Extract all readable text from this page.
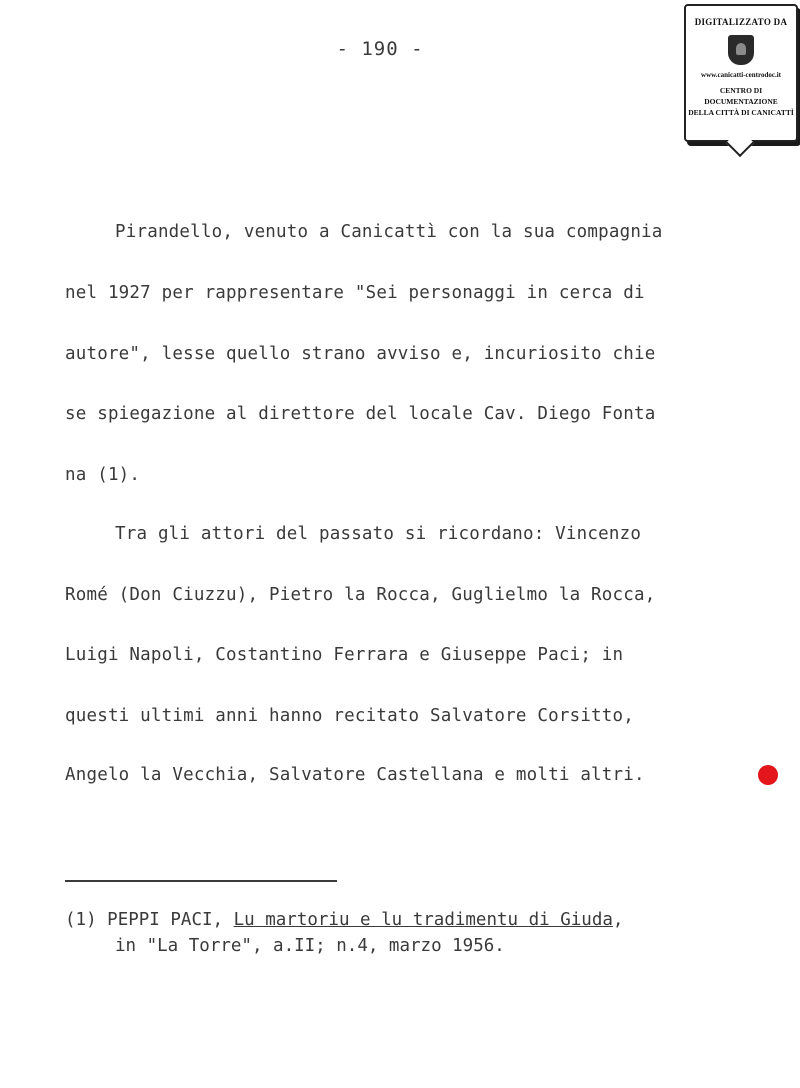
- 190 -
DIGITALIZZATO DA
www.canicatti-centrodoc.it
CENTRO DI DOCUMENTAZIONE
DELLA CITTÀ DI CANICATTÌ
Pirandello, venuto a Canicattì con la sua compagnia
nel 1927 per rappresentare "Sei personaggi in cerca di
autore", lesse quello strano avviso e, incuriosito chie
se spiegazione al direttore del locale Cav. Diego Fonta
na (1).
Tra gli attori del passato si ricordano: Vincenzo
Romé (Don Ciuzzu), Pietro la Rocca, Guglielmo la Rocca,
Luigi Napoli, Costantino Ferrara e Giuseppe Paci; in
questi ultimi anni hanno recitato Salvatore Corsitto,
Angelo la Vecchia, Salvatore Castellana e molti altri.
(1) PEPPI PACI, Lu martoriu e lu tradimentu di Giuda,
in "La Torre", a.II; n.4, marzo 1956.
